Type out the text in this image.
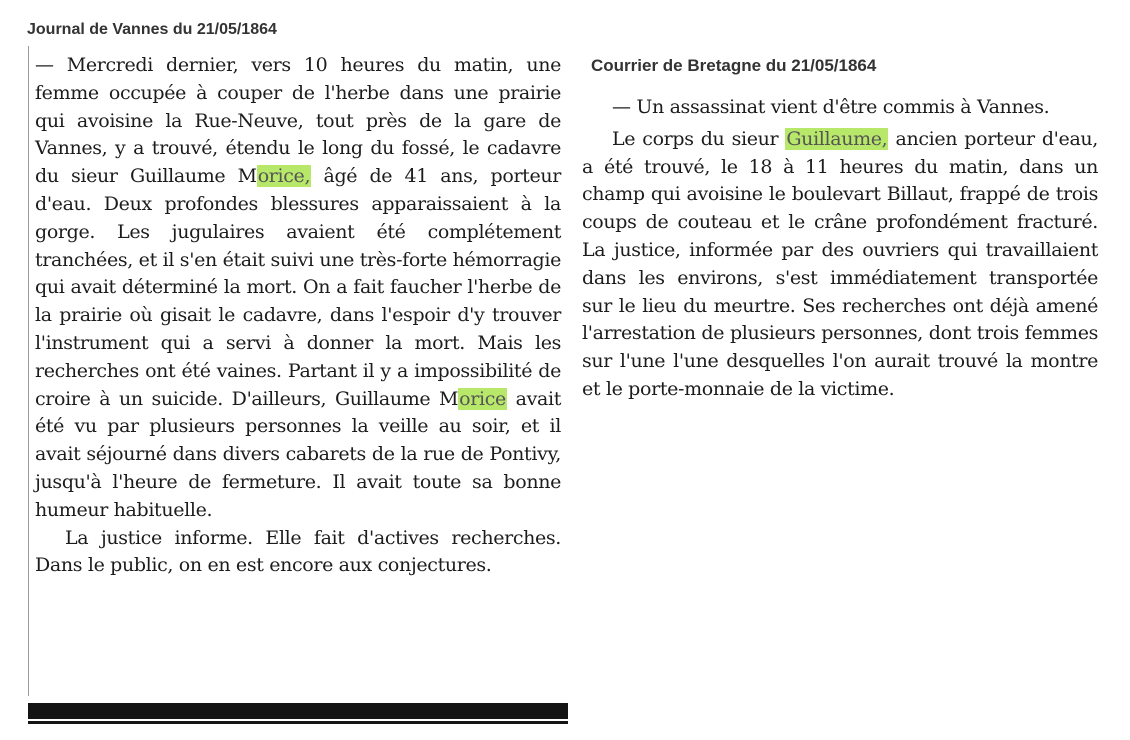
Journal de Vannes du 21/05/1864

— Mercredi dernier, vers 10 heures du matin, une femme occupée à couper de l'herbe dans une prairie qui avoisine la Rue-Neuve, tout près de la gare de Vannes, y a trouvé, étendu le long du fossé, le cadavre du sieur Guillaume Morice, âgé de 41 ans, porteur d'eau. Deux profondes blessures apparaissaient à la gorge. Les jugulaires avaient été complétement tranchées, et il s'en était suivi une très-forte hémorragie qui avait déterminé la mort. On a fait faucher l'herbe de la prairie où gisait le cadavre, dans l'espoir d'y trouver l'instrument qui a servi à donner la mort. Mais les recherches ont été vaines. Partant il y a impossibilité de croire à un suicide. D'ailleurs, Guillaume Morice avait été vu par plusieurs personnes la veille au soir, et il avait séjourné dans divers cabarets de la rue de Pontivy, jusqu'à l'heure de fermeture. Il avait toute sa bonne humeur habituelle.

La justice informe. Elle fait d'actives recherches. Dans le public, on en est encore aux conjectures.

Courrier de Bretagne du 21/05/1864

— Un assassinat vient d'être commis à Vannes.

Le corps du sieur Guillaume, ancien porteur d'eau, a été trouvé, le 18 à 11 heures du matin, dans un champ qui avoisine le boulevart Billaut, frappé de trois coups de couteau et le crâne profondément fracturé. La justice, informée par des ouvriers qui travaillaient dans les environs, s'est immédiatement transportée sur le lieu du meurtre. Ses recherches ont déjà amené l'arrestation de plusieurs personnes, dont trois femmes sur l'une l'une desquelles l'on aurait trouvé la montre et le porte-monnaie de la victime.
